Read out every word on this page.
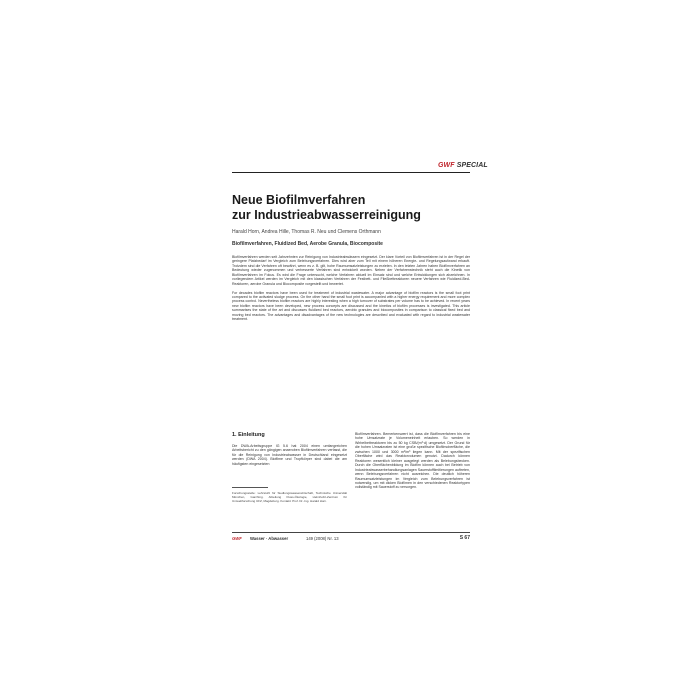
GWF SPECIAL
Neue Biofilmverfahren
zur Industrieabwasserreinigung
Harald Horn, Andrea Hille, Thomas R. Neu und Clemens Orthmann
Biofilmverfahren, Fluidized Bed, Aerobe Granula, Biocomposite

Biofilmverfahren werden seit Jahrzehnten zur Reinigung von Industrieabwässern eingesetzt. Der klare Vorteil von Biofilmverfahren ist in der Regel der geringere Platzbedarf im Vergleich zum Belebungsverfahren. Dies wird aber zum Teil mit einem höheren Energie- und Regelungsaufwand erkauft. Trotzdem sind die Verfahren oft bewährt, wenn es z. B. gilt, hohe Raumumsatzleistungen zu erzielen. In den letzten Jahren haben Biofilmverfahren an Bedeutung wieder zugenommen und verbesserte Verfahren sind entwickelt worden. Neben der Verfahrenstechnik steht auch die Kinetik von Biofilmverfahren im Fokus. Es wird die Frage untersucht, welche Verfahren aktuell im Einsatz sind und welche Entwicklungen sich abzeichnen. In vorliegendem Artikel werden im Vergleich mit den klassischen Verfahren der Festbett- und Fließbettreaktoren neuere Verfahren wie Fluidized-Bed-Reaktoren, aerobe Granula und Biocomposite vorgestellt und bewertet.

For decades biofilm reactors have been used for treatment of industrial wastewater. A major advantage of biofilm reactors is the small foot print compared to the activated sludge process. On the other hand the small foot print is accompanied with a higher energy requirement and more complex process control. Nevertheless biofilm reactors are highly interesting when a high turnover of substrates per volume has to be achieved. In recent years new biofilm reactors have been developed, new process concepts are discussed and the kinetics of biofilm processes is investigated. This article summarises the state of the art and discusses fluidized bed reactors, aerobic granules and biocomposites in comparison to classical fixed bed and moving bed reactors. The advantages and disadvantages of the new technologies are described and evaluated with regard to industrial wastewater treatment.

1. Einleitung

Die DWA-Arbeitsgruppe IG 5.6 hat 2004 einen umfangreichen Arbeitsbericht zu den gängigen anaeroben Biofilmverfahren verfasst, die für die Reinigung von Industrieabwasser in Deutschland eingesetzt werden (DWA 2004). Biofilme und Tropfkörper sind dabei die am häufigsten eingesetzten

Forschungsstelle: Lehrstuhl für Siedlungswasserwirtschaft, Technische Universität München, Garching. Abteilung Fluss-Ökologie, Helmholtz-Zentrum für Umweltforschung UFZ, Magdeburg. Kontakt: Prof. Dr.-Ing. Harald Horn.
Biofilmverfahren. Bemerkenswert ist, dass die Biofilmverfahren bis eine hohe Umsatzrate je Volumeneinheit erlauben. So werden in Wirbelbettreaktoren bis zu 50 kg CSB/(m³·d) umgesetzt. Der Grund für die hohen Umsatzraten ist eine große spezifische Biofilmoberfläche, die zwischen 1000 und 3000 m²/m³ liegen kann. Mit der spezifischen Oberfläche wird das Reaktorvolumen genutzt. Dadurch können Reaktoren wesentlich kleiner ausgelegt werden als Belebungsbecken. Durch die Oberflächenbildung im Biofilm können auch bei Betrieb von Industrieabwasserbehandlungsanlagen Sauerstofflimitierungen auftreten, wenn Belebungsverfahren nicht ausreichen. Die deutlich höheren Raumumsatzleistungen im Vergleich zum Belebungsverfahren ist notwendig, um mit dicken Biofilmen in den verschiedenen Reaktortypen vollständig mit Sauerstoff zu versorgen.
GWF Wasser · Abwasser	149 (2008) Nr. 13	S 67
